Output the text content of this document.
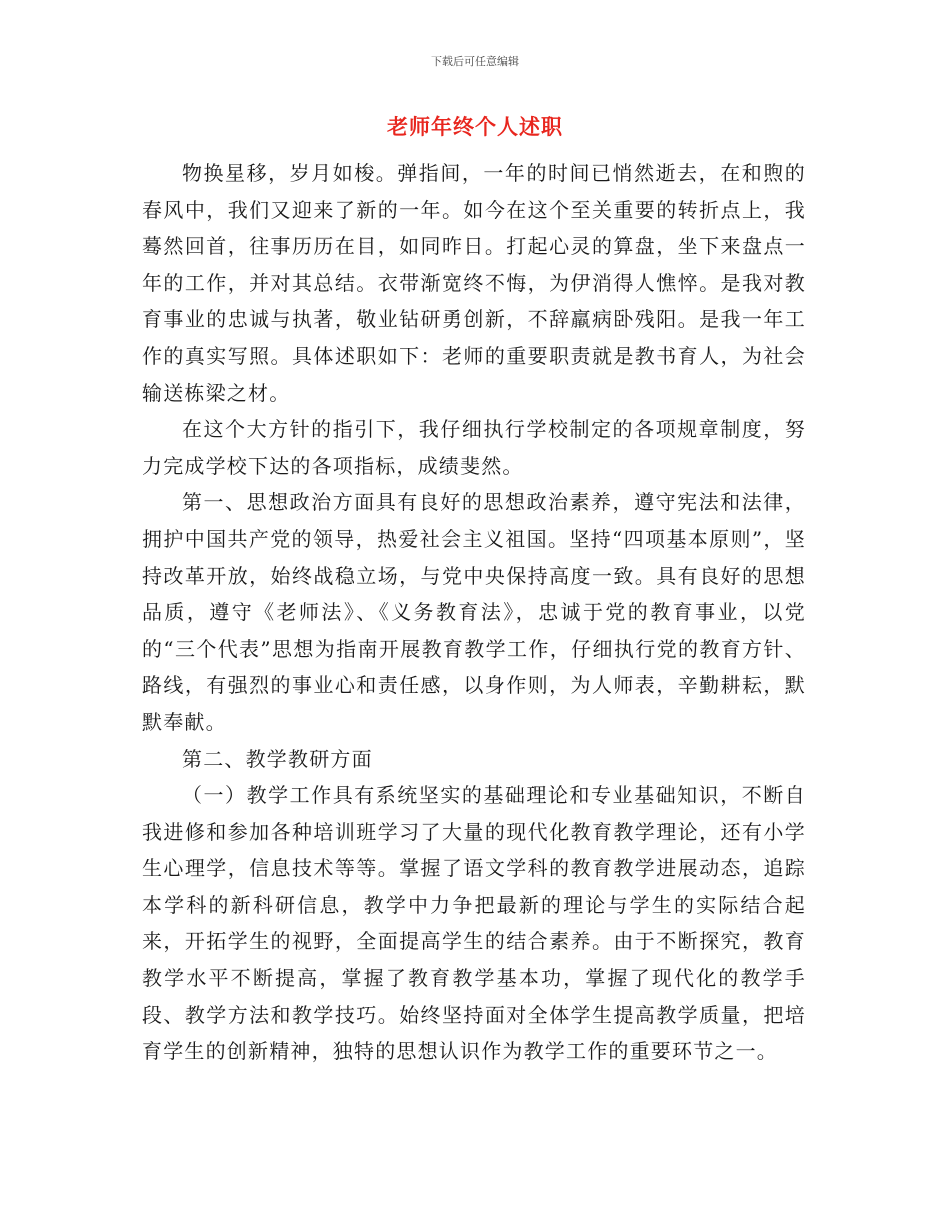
下载后可任意编辑
老师年终个人述职

物换星移，岁月如梭。弹指间，一年的时间已悄然逝去，在和煦的春风中，我们又迎来了新的一年。如今在这个至关重要的转折点上，我蓦然回首，往事历历在目，如同昨日。打起心灵的算盘，坐下来盘点一年的工作，并对其总结。衣带渐宽终不悔，为伊消得人憔悴。是我对教育事业的忠诚与执著，敬业钻研勇创新，不辞羸病卧残阳。是我一年工作的真实写照。具体述职如下：老师的重要职责就是教书育人，为社会输送栋梁之材。

在这个大方针的指引下，我仔细执行学校制定的各项规章制度，努力完成学校下达的各项指标，成绩斐然。

第一、思想政治方面具有良好的思想政治素养，遵守宪法和法律，拥护中国共产党的领导，热爱社会主义祖国。坚持“四项基本原则”，坚持改革开放，始终战稳立场，与党中央保持高度一致。具有良好的思想品质，遵守《老师法》、《义务教育法》，忠诚于党的教育事业，以党的“三个代表”思想为指南开展教育教学工作，仔细执行党的教育方针、路线，有强烈的事业心和责任感，以身作则，为人师表，辛勤耕耘，默默奉献。

第二、教学教研方面

（一）教学工作具有系统坚实的基础理论和专业基础知识，不断自我进修和参加各种培训班学习了大量的现代化教育教学理论，还有小学生心理学，信息技术等等。掌握了语文学科的教育教学进展动态，追踪本学科的新科研信息，教学中力争把最新的理论与学生的实际结合起来，开拓学生的视野，全面提高学生的结合素养。由于不断探究，教育教学水平不断提高，掌握了教育教学基本功，掌握了现代化的教学手段、教学方法和教学技巧。始终坚持面对全体学生提高教学质量，把培育学生的创新精神，独特的思想认识作为教学工作的重要环节之一。
